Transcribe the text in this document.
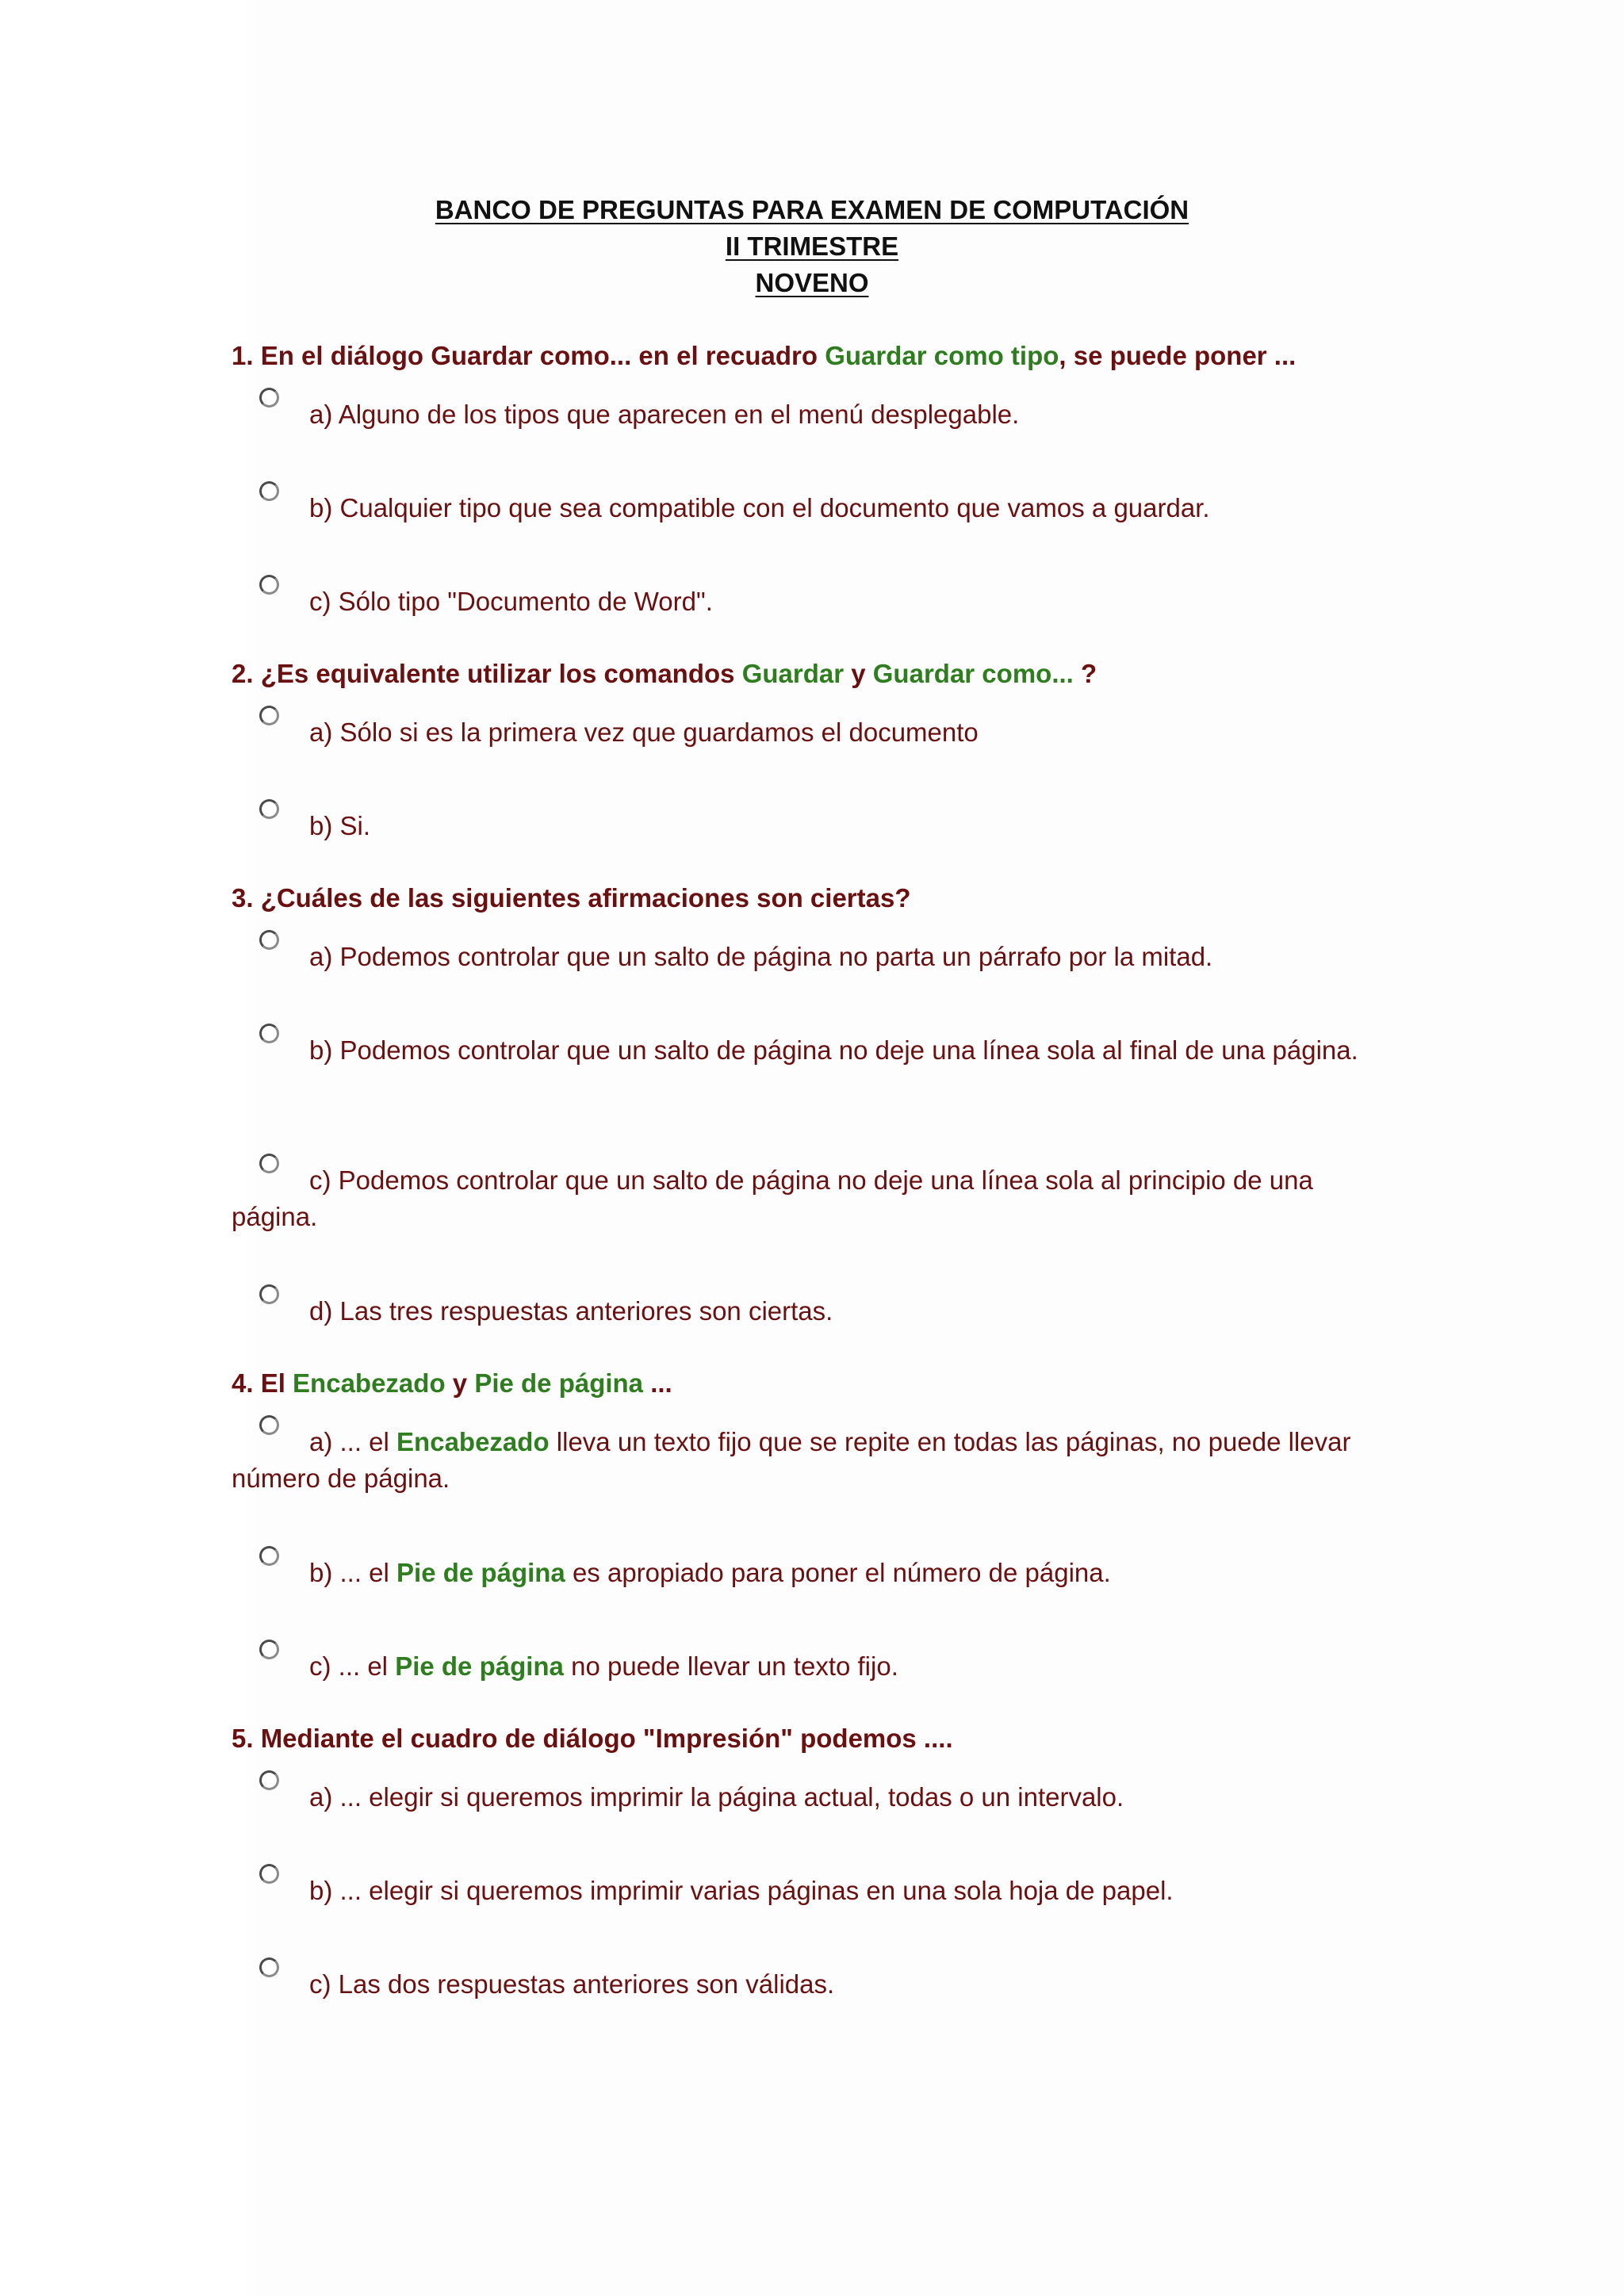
BANCO DE PREGUNTAS PARA EXAMEN DE COMPUTACIÓN
II TRIMESTRE
NOVENO
1. En el diálogo Guardar como... en el recuadro Guardar como tipo, se puede poner ...
a) Alguno de los tipos que aparecen en el menú desplegable.
b) Cualquier tipo que sea compatible con el documento que vamos a guardar.
c) Sólo tipo "Documento de Word".
2. ¿Es equivalente utilizar los comandos Guardar y Guardar como... ?
a) Sólo si es la primera vez que guardamos el documento
b) Si.
3. ¿Cuáles de las siguientes afirmaciones son ciertas?
a) Podemos controlar que un salto de página no parta un párrafo por la mitad.
b) Podemos controlar que un salto de página no deje una línea sola al final de una página.
c) Podemos controlar que un salto de página no deje una línea sola al principio de una página.
d) Las tres respuestas anteriores son ciertas.
4. El Encabezado y Pie de página ...
a) ... el Encabezado lleva un texto fijo que se repite en todas las páginas, no puede llevar número de página.
b) ... el Pie de página es apropiado para poner el número de página.
c) ... el Pie de página no puede llevar un texto fijo.
5. Mediante el cuadro de diálogo "Impresión" podemos ....
a) ... elegir si queremos imprimir la página actual, todas o un intervalo.
b) ... elegir si queremos imprimir varias páginas en una sola hoja de papel.
c) Las dos respuestas anteriores son válidas.
